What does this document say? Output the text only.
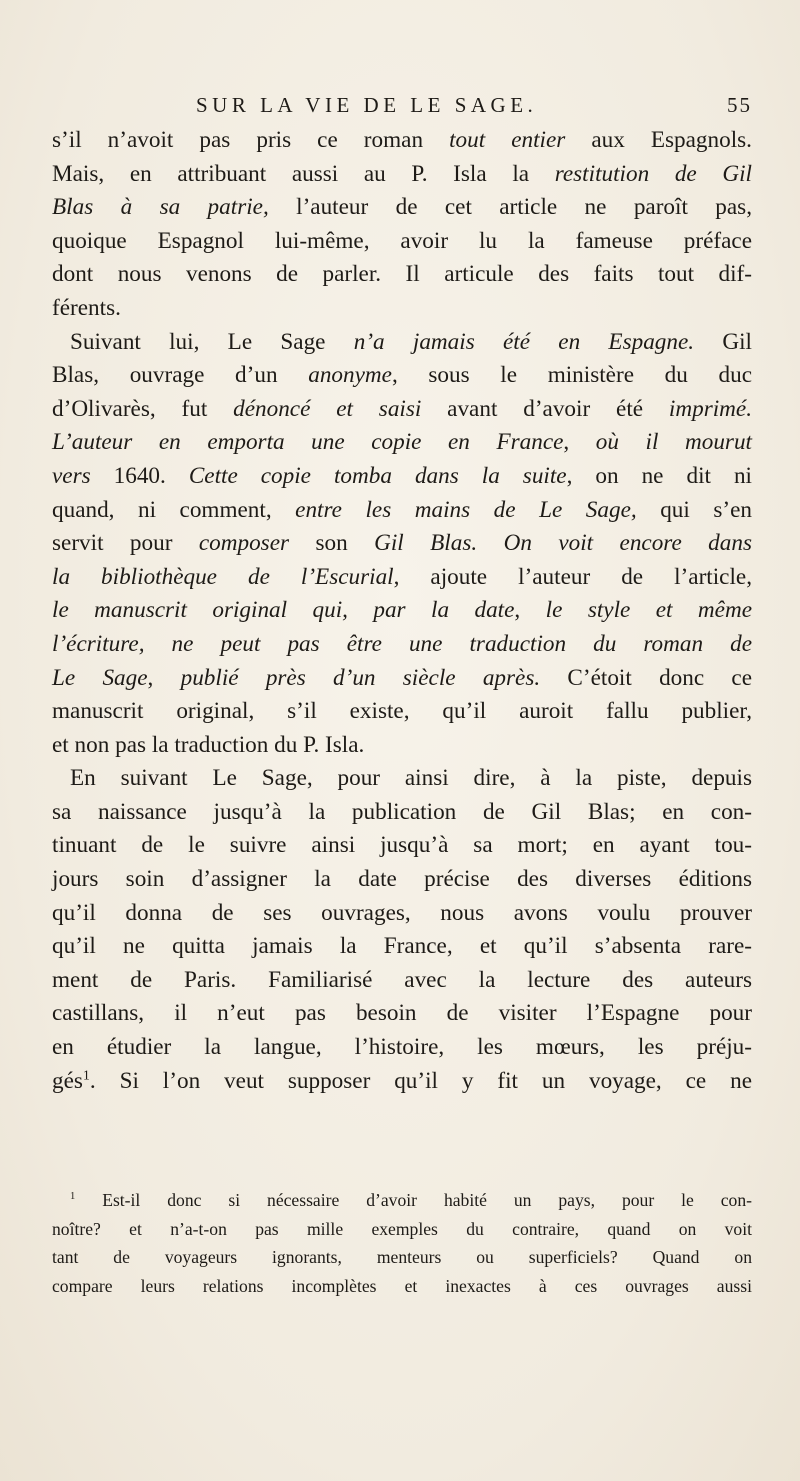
SUR LA VIE DE LE SAGE.	55
s’il n’avoit pas pris ce roman tout entier aux Espagnols.
Mais, en attribuant aussi au P. Isla la restitution de Gil
Blas à sa patrie, l’auteur de cet article ne paroît pas,
quoique Espagnol lui-même, avoir lu la fameuse préface
dont nous venons de parler. Il articule des faits tout dif-
férents.
Suivant lui, Le Sage n’a jamais été en Espagne. Gil
Blas, ouvrage d’un anonyme, sous le ministère du duc
d’Olivarès, fut dénoncé et saisi avant d’avoir été imprimé.
L’auteur en emporta une copie en France, où il mourut
vers 1640. Cette copie tomba dans la suite, on ne dit ni
quand, ni comment, entre les mains de Le Sage, qui s’en
servit pour composer son Gil Blas. On voit encore dans
la bibliothèque de l’Escurial, ajoute l’auteur de l’article,
le manuscrit original qui, par la date, le style et même
l’écriture, ne peut pas être une traduction du roman de
Le Sage, publié près d’un siècle après. C’étoit donc ce
manuscrit original, s’il existe, qu’il auroit fallu publier,
et non pas la traduction du P. Isla.
En suivant Le Sage, pour ainsi dire, à la piste, depuis
sa naissance jusqu’à la publication de Gil Blas; en con-
tinuant de le suivre ainsi jusqu’à sa mort; en ayant tou-
jours soin d’assigner la date précise des diverses éditions
qu’il donna de ses ouvrages, nous avons voulu prouver
qu’il ne quitta jamais la France, et qu’il s’absenta rare-
ment de Paris. Familiarisé avec la lecture des auteurs
castillans, il n’eut pas besoin de visiter l’Espagne pour
en étudier la langue, l’histoire, les mœurs, les préju-
gés$^1$. Si l’on veut supposer qu’il y fit un voyage, ce ne
$^1$ Est-il donc si nécessaire d’avoir habité un pays, pour le con-
noître? et n’a-t-on pas mille exemples du contraire, quand on voit
tant de voyageurs ignorants, menteurs ou superficiels? Quand on
compare leurs relations incomplètes et inexactes à ces ouvrages aussi
